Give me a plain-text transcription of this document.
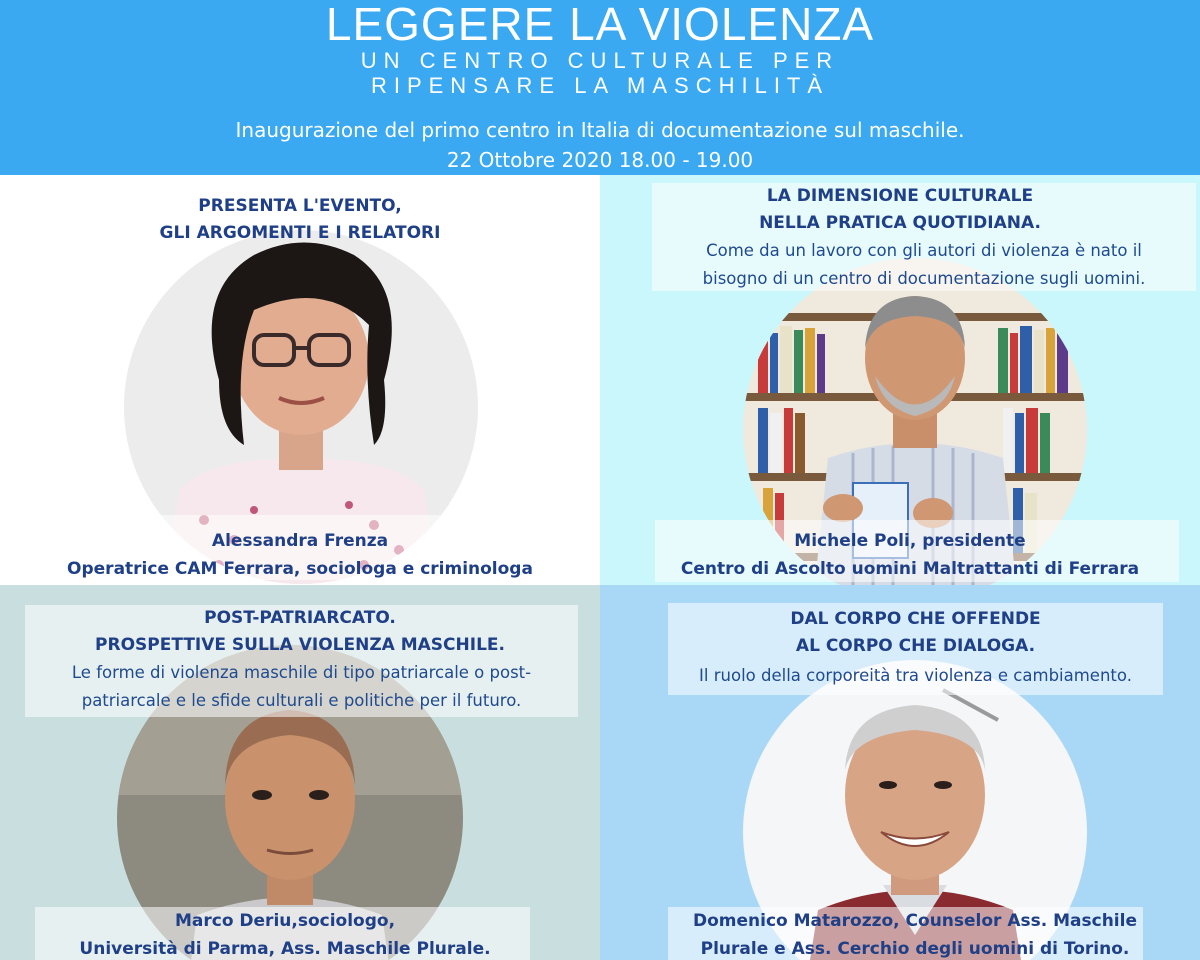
LEGGERE LA VIOLENZA
UN CENTRO CULTURALE PER
RIPENSARE LA MASCHILITÀ
Inaugurazione del primo centro in Italia di documentazione sul maschile.
22 Ottobre 2020 18.00 - 19.00
PRESENTA L'EVENTO,
GLI ARGOMENTI E I RELATORI
Alessandra Frenza
Operatrice CAM Ferrara, sociologa e criminologa
LA DIMENSIONE CULTURALE
NELLA PRATICA QUOTIDIANA.
Come da un lavoro con gli autori di violenza è nato il
bisogno di un centro di documentazione sugli uomini.
Michele Poli, presidente
Centro di Ascolto uomini Maltrattanti di Ferrara
POST-PATRIARCATO.
PROSPETTIVE SULLA VIOLENZA MASCHILE.
Le forme di violenza maschile di tipo patriarcale o post-
patriarcale e le sfide culturali e politiche per il futuro.
Marco Deriu,sociologo,
Università di Parma, Ass. Maschile Plurale.
DAL CORPO CHE OFFENDE
AL CORPO CHE DIALOGA.
Il ruolo della corporeità tra violenza e cambiamento.
Domenico Matarozzo, Counselor Ass. Maschile
Plurale e Ass. Cerchio degli uomini di Torino.
